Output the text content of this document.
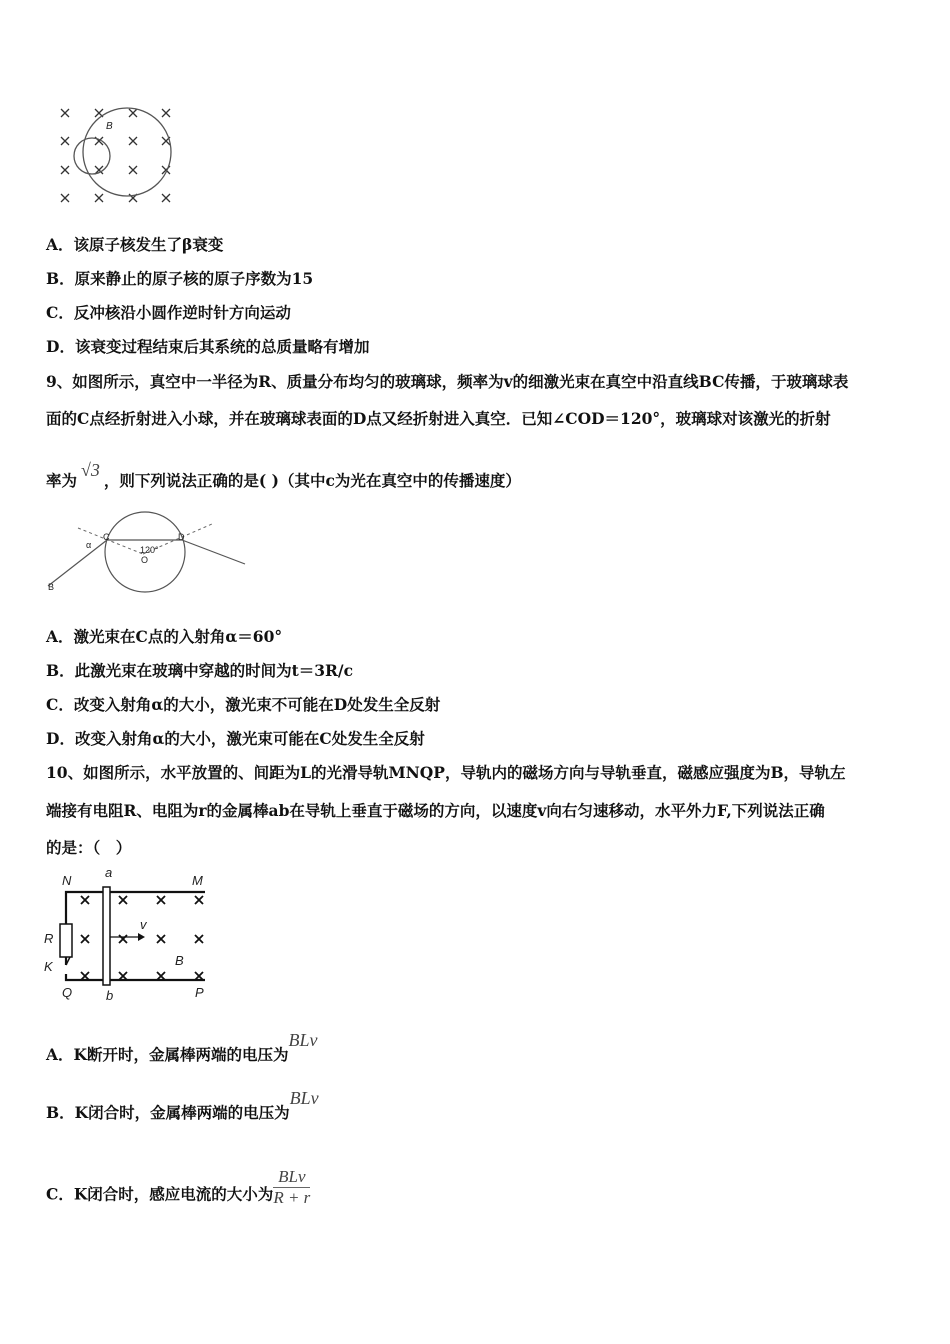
B
A．该原子核发生了β衰变
B．原来静止的原子核的原子序数为15
C．反冲核沿小圆作逆时针方向运动
D．该衰变过程结束后其系统的总质量略有增加
9、如图所示，真空中一半径为R、质量分布均匀的玻璃球，频率为v的细激光束在真空中沿直线BC传播，于玻璃球表
面的C点经折射进入小球，并在玻璃球表面的D点又经折射进入真空．已知∠COD＝120°，玻璃球对该激光的折射
率为√3，则下列说法正确的是( )（其中c为光在真空中的传播速度）
C	D
O
B
α	120°
A．激光束在C点的入射角α＝60°
B．此激光束在玻璃中穿越的时间为t＝3R/c
C．改变入射角α的大小，激光束不可能在D处发生全反射
D．改变入射角α的大小，激光束可能在C处发生全反射
10、如图所示，水平放置的、间距为L的光滑导轨MNQP，导轨内的磁场方向与导轨垂直，磁感应强度为B，导轨左
端接有电阻R、电阻为r的金属棒ab在导轨上垂直于磁场的方向，以速度v向右匀速移动，水平外力F,下列说法正确
的是：（　）
N	M
Q	P
a
b
R
K
v
B
A．K断开时，金属棒两端的电压为BLv
B．K闭合时，金属棒两端的电压为BLv
C．K闭合时，感应电流的大小为 $\frac{\text{BLv}}{R + r}$
